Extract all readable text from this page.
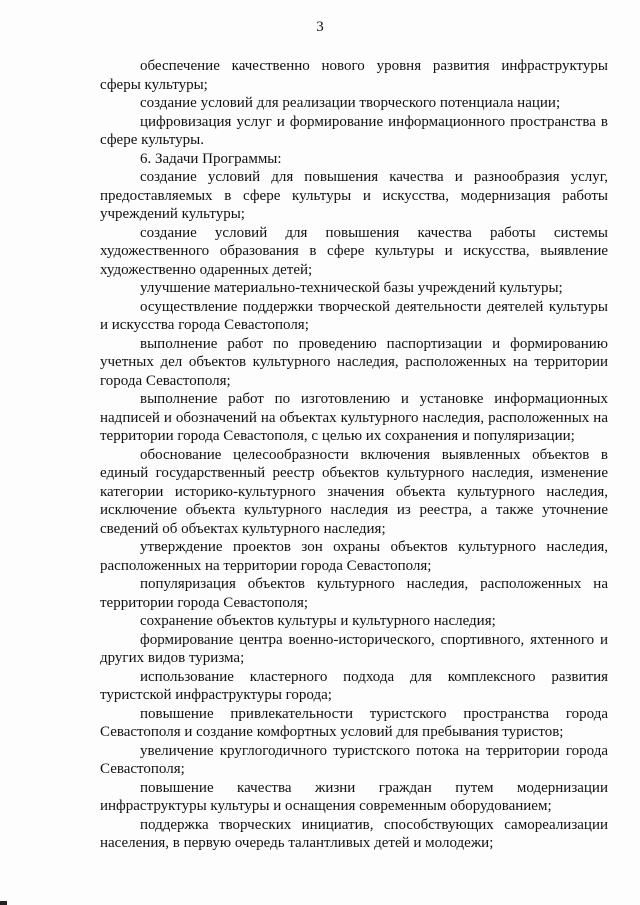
3

обеспечение качественно нового уровня развития инфраструктуры сферы культуры;

создание условий для реализации творческого потенциала нации;

цифровизация услуг и формирование информационного пространства в сфере культуры.

6. Задачи Программы:

создание условий для повышения качества и разнообразия услуг, предоставляемых в сфере культуры и искусства, модернизация работы учреждений культуры;

создание условий для повышения качества работы системы художественного образования в сфере культуры и искусства, выявление художественно одаренных детей;

улучшение материально-технической базы учреждений культуры;

осуществление поддержки творческой деятельности деятелей культуры и искусства города Севастополя;

выполнение работ по проведению паспортизации и формированию учетных дел объектов культурного наследия, расположенных на территории города Севастополя;

выполнение работ по изготовлению и установке информационных надписей и обозначений на объектах культурного наследия, расположенных на территории города Севастополя, с целью их сохранения и популяризации;

обоснование целесообразности включения выявленных объектов в единый государственный реестр объектов культурного наследия, изменение категории историко-культурного значения объекта культурного наследия, исключение объекта культурного наследия из реестра, а также уточнение сведений об объектах культурного наследия;

утверждение проектов зон охраны объектов культурного наследия, расположенных на территории города Севастополя;

популяризация объектов культурного наследия, расположенных на территории города Севастополя;

сохранение объектов культуры и культурного наследия;

формирование центра военно-исторического, спортивного, яхтенного и других видов туризма;

использование кластерного подхода для комплексного развития туристской инфраструктуры города;

повышение привлекательности туристского пространства города Севастополя и создание комфортных условий для пребывания туристов;

увеличение круглогодичного туристского потока на территории города Севастополя;

повышение качества жизни граждан путем модернизации инфраструктуры культуры и оснащения современным оборудованием;

поддержка творческих инициатив, способствующих самореализации населения, в первую очередь талантливых детей и молодежи;
